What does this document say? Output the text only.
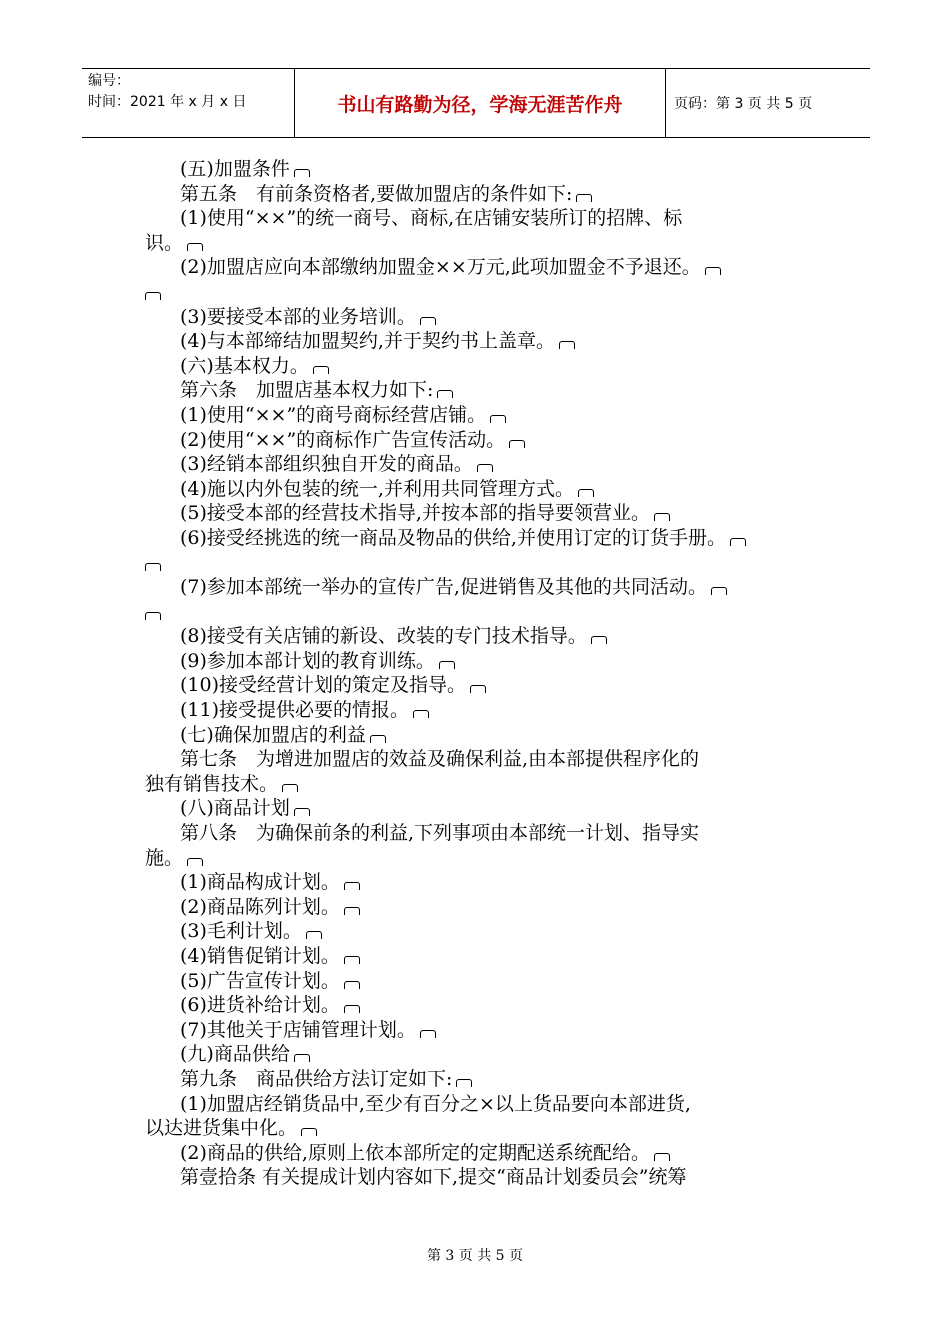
编号：
时间：2021 年 x 月 x 日	书山有路勤为径，学海无涯苦作舟	页码：第 3 页 共 5 页
(五)加盟条件
第五条　有前条资格者,要做加盟店的条件如下:
(1)使用“××”的统一商号、商标,在店铺安装所订的招牌、标
识。
(2)加盟店应向本部缴纳加盟金××万元,此项加盟金不予退还。
(3)要接受本部的业务培训。
(4)与本部缔结加盟契约,并于契约书上盖章。
(六)基本权力。
第六条　加盟店基本权力如下:
(1)使用“××”的商号商标经营店铺。
(2)使用“××”的商标作广告宣传活动。
(3)经销本部组织独自开发的商品。
(4)施以内外包装的统一,并利用共同管理方式。
(5)接受本部的经营技术指导,并按本部的指导要领营业。
(6)接受经挑选的统一商品及物品的供给,并使用订定的订货手册。
(7)参加本部统一举办的宣传广告,促进销售及其他的共同活动。
(8)接受有关店铺的新设、改装的专门技术指导。
(9)参加本部计划的教育训练。
(10)接受经营计划的策定及指导。
(11)接受提供必要的情报。
(七)确保加盟店的利益
第七条　为增进加盟店的效益及确保利益,由本部提供程序化的
独有销售技术。
(八)商品计划
第八条　为确保前条的利益,下列事项由本部统一计划、指导实
施。
(1)商品构成计划。
(2)商品陈列计划。
(3)毛利计划。
(4)销售促销计划。
(5)广告宣传计划。
(6)进货补给计划。
(7)其他关于店铺管理计划。
(九)商品供给
第九条　商品供给方法订定如下:
(1)加盟店经销货品中,至少有百分之×以上货品要向本部进货,
以达进货集中化。
(2)商品的供给,原则上依本部所定的定期配送系统配给。
第壹拾条 有关提成计划内容如下,提交“商品计划委员会”统筹
第 3 页 共 5 页
